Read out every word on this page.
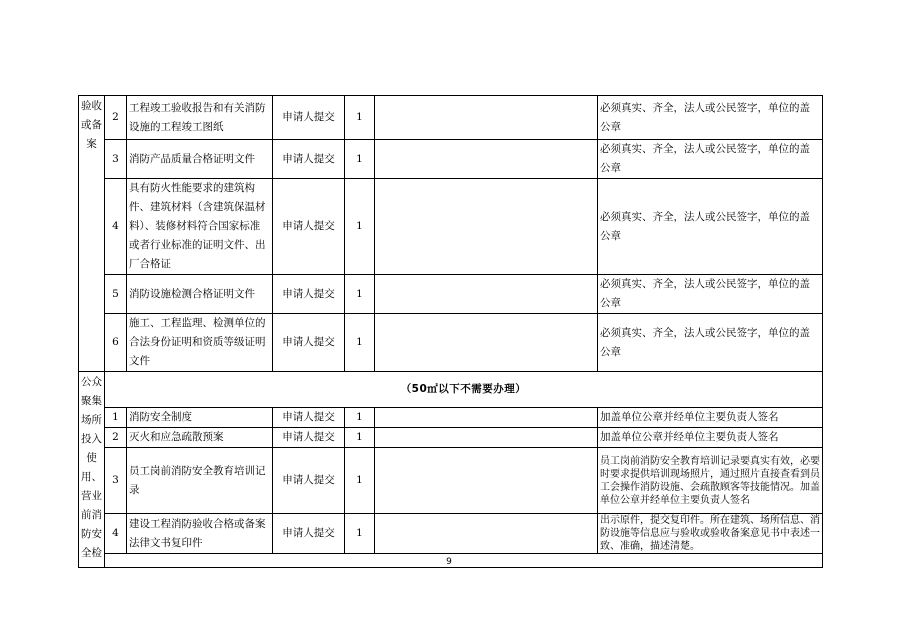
验收或备案	2	工程竣工验收报告和有关消防设施的工程竣工图纸	申请人提交	1		必须真实、齐全，法人或公民签字，单位的盖公章
	3	消防产品质量合格证明文件	申请人提交	1		必须真实、齐全，法人或公民签字，单位的盖公章
	4	具有防火性能要求的建筑构件、建筑材料（含建筑保温材料）、装修材料符合国家标准或者行业标准的证明文件、出厂合格证	申请人提交	1		必须真实、齐全，法人或公民签字，单位的盖公章
	5	消防设施检测合格证明文件	申请人提交	1		必须真实、齐全，法人或公民签字，单位的盖公章
	6	施工、工程监理、检测单位的合法身份证明和资质等级证明文件	申请人提交	1		必须真实、齐全，法人或公民签字，单位的盖公章
公众聚集场所投入使用、营业前消防安全检	（50㎡以下不需要办理）					
	1	消防安全制度	申请人提交	1		加盖单位公章并经单位主要负责人签名
	2	灭火和应急疏散预案	申请人提交	1		加盖单位公章并经单位主要负责人签名
	3	员工岗前消防安全教育培训记录	申请人提交	1		员工岗前消防安全教育培训记录要真实有效，必要时要求提供培训现场照片，通过照片直接查看到员工会操作消防设施、会疏散顾客等技能情况。加盖单位公章并经单位主要负责人签名
	4	建设工程消防验收合格或备案法律文书复印件	申请人提交	1		出示原件，提交复印件。所在建筑、场所信息、消防设施等信息应与验收或验收备案意见书中表述一致、准确，描述清楚。

9
